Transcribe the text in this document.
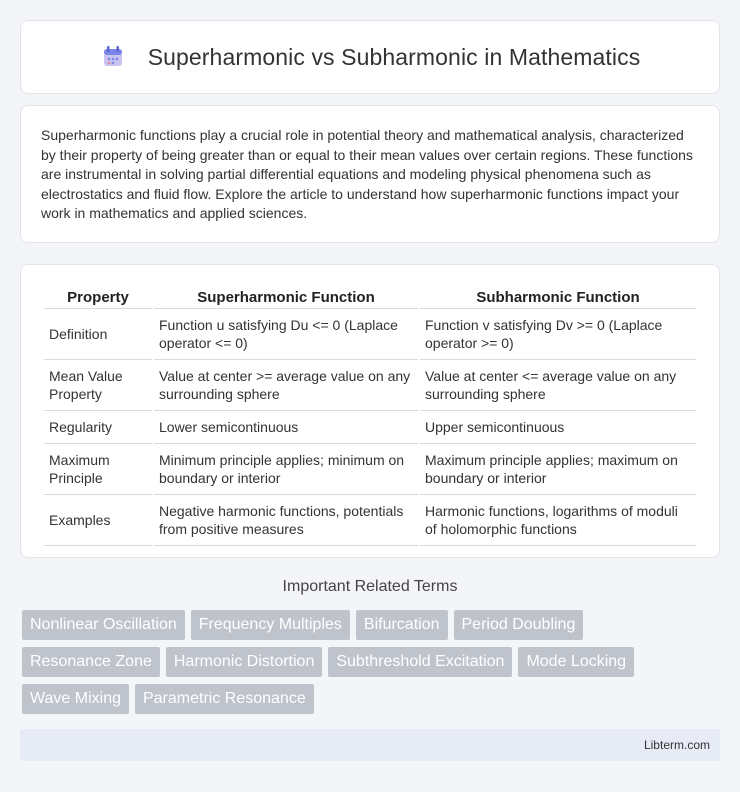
Superharmonic vs Subharmonic in Mathematics

Superharmonic functions play a crucial role in potential theory and mathematical analysis, characterized by their property of being greater than or equal to their mean values over certain regions. These functions are instrumental in solving partial differential equations and modeling physical phenomena such as electrostatics and fluid flow. Explore the article to understand how superharmonic functions impact your work in mathematics and applied sciences.

Property	Superharmonic Function	Subharmonic Function
Definition	Function u satisfying Du <= 0 (Laplace operator <= 0)	Function v satisfying Dv >= 0 (Laplace operator >= 0)
Mean Value Property	Value at center >= average value on any surrounding sphere	Value at center <= average value on any surrounding sphere
Regularity	Lower semicontinuous	Upper semicontinuous
Maximum Principle	Minimum principle applies; minimum on boundary or interior	Maximum principle applies; maximum on boundary or interior
Examples	Negative harmonic functions, potentials from positive measures	Harmonic functions, logarithms of moduli of holomorphic functions
Important Related Terms
Nonlinear Oscillation	Frequency Multiples	Bifurcation	Period Doubling
Resonance Zone	Harmonic Distortion	Subthreshold Excitation	Mode Locking
Wave Mixing	Parametric Resonance
Libterm.com
